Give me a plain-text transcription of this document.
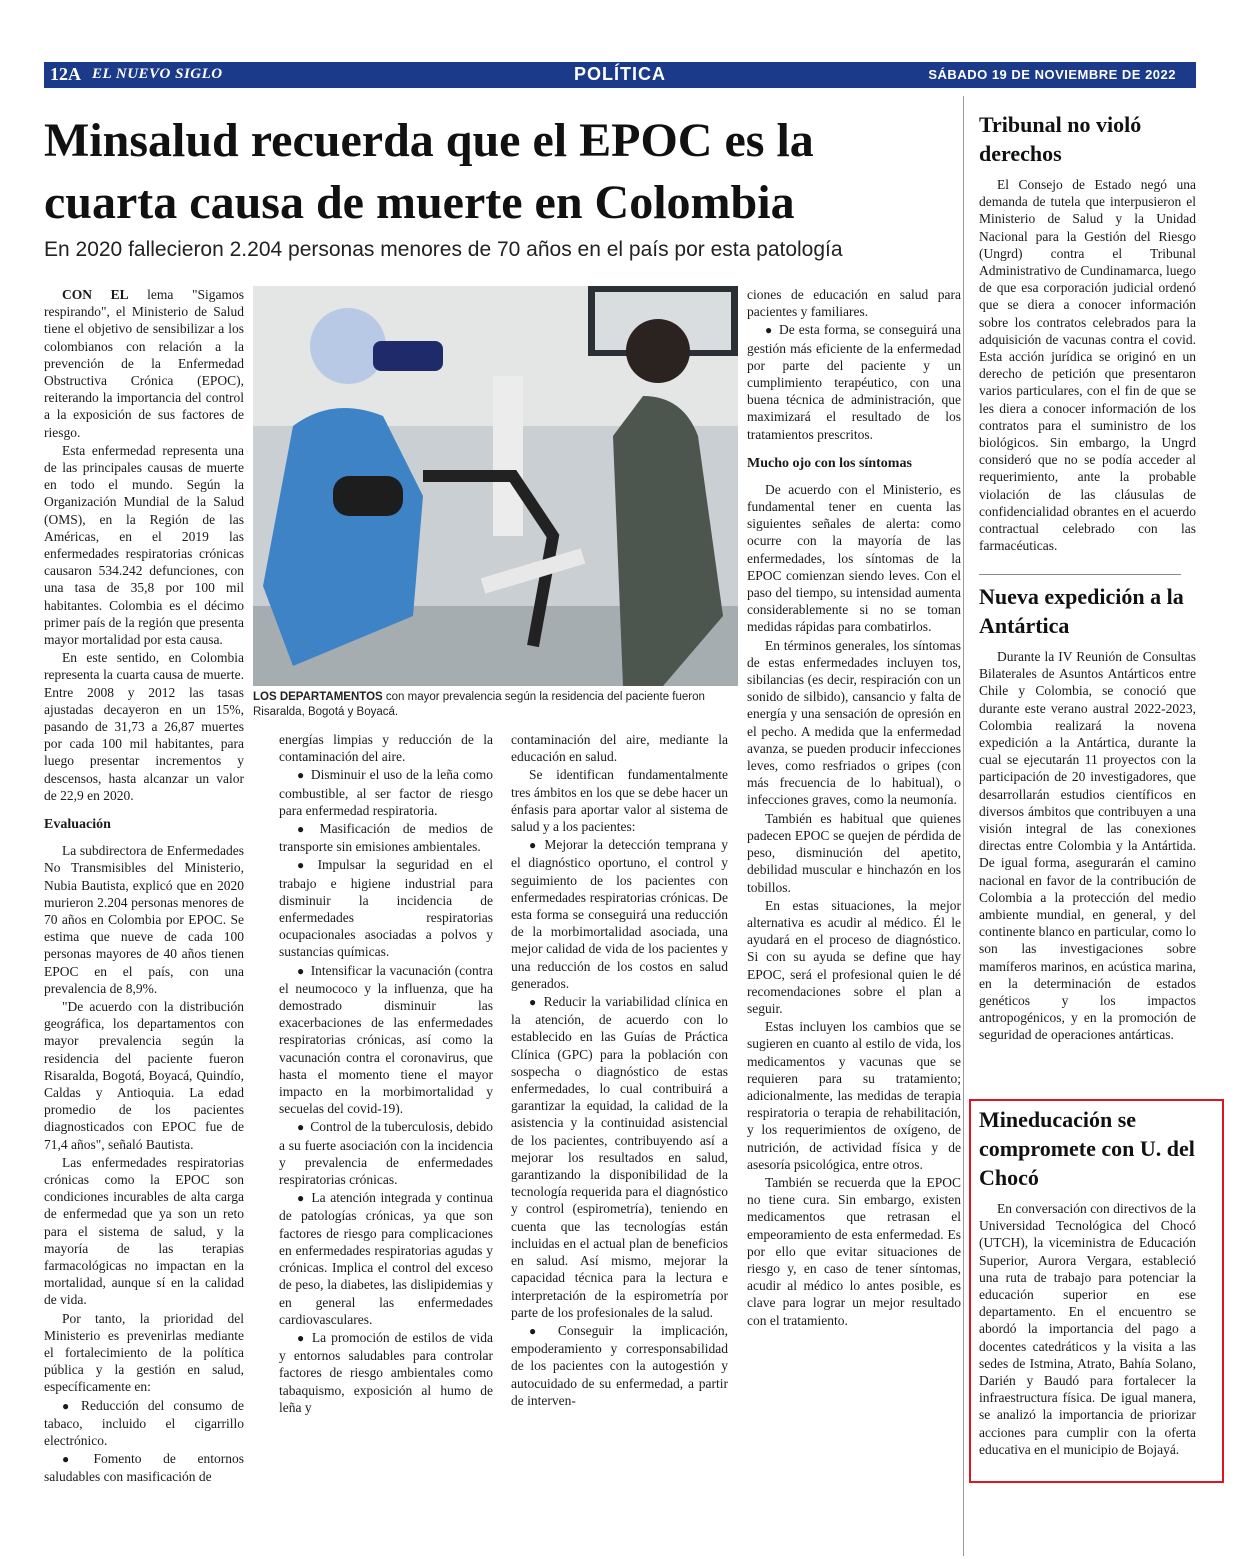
12A EL NUEVO SIGLO	POLÍTICA	SÁBADO 19 DE NOVIEMBRE DE 2022
Minsalud recuerda que el EPOC es la cuarta causa de muerte en Colombia

En 2020 fallecieron 2.204 personas menores de 70 años en el país por esta patología

CON EL lema "Sigamos respirando", el Ministerio de Salud tiene el objetivo de sensibilizar a los colombianos con relación a la prevención de la Enfermedad Obstructiva Crónica (EPOC), reiterando la importancia del control a la exposición de sus factores de riesgo.

Esta enfermedad representa una de las principales causas de muerte en todo el mundo. Según la Organización Mundial de la Salud (OMS), en la Región de las Américas, en el 2019 las enfermedades respiratorias crónicas causaron 534.242 defunciones, con una tasa de 35,8 por 100 mil habitantes. Colombia es el décimo primer país de la región que presenta mayor mortalidad por esta causa.

En este sentido, en Colombia representa la cuarta causa de muerte. Entre 2008 y 2012 las tasas ajustadas decayeron en un 15%, pasando de 31,73 a 26,87 muertes por cada 100 mil habitantes, para luego presentar incrementos y descensos, hasta alcanzar un valor de 22,9 en 2020.

Evaluación

La subdirectora de Enfermedades No Transmisibles del Ministerio, Nubia Bautista, explicó que en 2020 murieron 2.204 personas menores de 70 años en Colombia por EPOC. Se estima que nueve de cada 100 personas mayores de 40 años tienen EPOC en el país, con una prevalencia de 8,9%.

"De acuerdo con la distribución geográfica, los departamentos con mayor prevalencia según la residencia del paciente fueron Risaralda, Bogotá, Boyacá, Quindío, Caldas y Antioquia. La edad promedio de los pacientes diagnosticados con EPOC fue de 71,4 años", señaló Bautista.

Las enfermedades respiratorias crónicas como la EPOC son condiciones incurables de alta carga de enfermedad que ya son un reto para el sistema de salud, y la mayoría de las terapias farmacológicas no impactan en la mortalidad, aunque sí en la calidad de vida.

Por tanto, la prioridad del Ministerio es prevenirlas mediante el fortalecimiento de la política pública y la gestión en salud, específicamente en:

● Reducción del consumo de tabaco, incluido el cigarrillo electrónico.

● Fomento de entornos saludables con masificación de

LOS DEPARTAMENTOS con mayor prevalencia según la residencia del paciente fueron Risaralda, Bogotá y Boyacá.

energías limpias y reducción de la contaminación del aire.

● Disminuir el uso de la leña como combustible, al ser factor de riesgo para enfermedad respiratoria.

● Masificación de medios de transporte sin emisiones ambientales.

● Impulsar la seguridad en el trabajo e higiene industrial para disminuir la incidencia de enfermedades respiratorias ocupacionales asociadas a polvos y sustancias químicas.

● Intensificar la vacunación (contra el neumococo y la influenza, que ha demostrado disminuir las exacerbaciones de las enfermedades respiratorias crónicas, así como la vacunación contra el coronavirus, que hasta el momento tiene el mayor impacto en la morbimortalidad y secuelas del covid-19).

● Control de la tuberculosis, debido a su fuerte asociación con la incidencia y prevalencia de enfermedades respiratorias crónicas.

● La atención integrada y continua de patologías crónicas, ya que son factores de riesgo para complicaciones en enfermedades respiratorias agudas y crónicas. Implica el control del exceso de peso, la diabetes, las dislipidemias y en general las enfermedades cardiovasculares.

● La promoción de estilos de vida y entornos saludables para controlar factores de riesgo ambientales como tabaquismo, exposición al humo de leña y

contaminación del aire, mediante la educación en salud.

Se identifican fundamentalmente tres ámbitos en los que se debe hacer un énfasis para aportar valor al sistema de salud y a los pacientes:

● Mejorar la detección temprana y el diagnóstico oportuno, el control y seguimiento de los pacientes con enfermedades respiratorias crónicas. De esta forma se conseguirá una reducción de la morbimortalidad asociada, una mejor calidad de vida de los pacientes y una reducción de los costos en salud generados.

● Reducir la variabilidad clínica en la atención, de acuerdo con lo establecido en las Guías de Práctica Clínica (GPC) para la población con sospecha o diagnóstico de estas enfermedades, lo cual contribuirá a garantizar la equidad, la calidad de la asistencia y la continuidad asistencial de los pacientes, contribuyendo así a mejorar los resultados en salud, garantizando la disponibilidad de la tecnología requerida para el diagnóstico y control (espirometría), teniendo en cuenta que las tecnologías están incluidas en el actual plan de beneficios en salud. Así mismo, mejorar la capacidad técnica para la lectura e interpretación de la espirometría por parte de los profesionales de la salud.

● Conseguir la implicación, empoderamiento y corresponsabilidad de los pacientes con la autogestión y autocuidado de su enfermedad, a partir de interven-

ciones de educación en salud para pacientes y familiares.

● De esta forma, se conseguirá una gestión más eficiente de la enfermedad por parte del paciente y un cumplimiento terapéutico, con una buena técnica de administración, que maximizará el resultado de los tratamientos prescritos.

Mucho ojo con los síntomas

De acuerdo con el Ministerio, es fundamental tener en cuenta las siguientes señales de alerta: como ocurre con la mayoría de las enfermedades, los síntomas de la EPOC comienzan siendo leves. Con el paso del tiempo, su intensidad aumenta considerablemente si no se toman medidas rápidas para combatirlos.

En términos generales, los síntomas de estas enfermedades incluyen tos, sibilancias (es decir, respiración con un sonido de silbido), cansancio y falta de energía y una sensación de opresión en el pecho. A medida que la enfermedad avanza, se pueden producir infecciones leves, como resfriados o gripes (con más frecuencia de lo habitual), o infecciones graves, como la neumonía.

También es habitual que quienes padecen EPOC se quejen de pérdida de peso, disminución del apetito, debilidad muscular e hinchazón en los tobillos.

En estas situaciones, la mejor alternativa es acudir al médico. Él le ayudará en el proceso de diagnóstico. Si con su ayuda se define que hay EPOC, será el profesional quien le dé recomendaciones sobre el plan a seguir.

Estas incluyen los cambios que se sugieren en cuanto al estilo de vida, los medicamentos y vacunas que se requieren para su tratamiento; adicionalmente, las medidas de terapia respiratoria o terapia de rehabilitación, y los requerimientos de oxígeno, de nutrición, de actividad física y de asesoría psicológica, entre otros.

También se recuerda que la EPOC no tiene cura. Sin embargo, existen medicamentos que retrasan el empeoramiento de esta enfermedad. Es por ello que evitar situaciones de riesgo y, en caso de tener síntomas, acudir al médico lo antes posible, es clave para lograr un mejor resultado con el tratamiento.

Tribunal no violó derechos

El Consejo de Estado negó una demanda de tutela que interpusieron el Ministerio de Salud y la Unidad Nacional para la Gestión del Riesgo (Ungrd) contra el Tribunal Administrativo de Cundinamarca, luego de que esa corporación judicial ordenó que se diera a conocer información sobre los contratos celebrados para la adquisición de vacunas contra el covid. Esta acción jurídica se originó en un derecho de petición que presentaron varios particulares, con el fin de que se les diera a conocer información de los contratos para el suministro de los biológicos. Sin embargo, la Ungrd consideró que no se podía acceder al requerimiento, ante la probable violación de las cláusulas de confidencialidad obrantes en el acuerdo contractual celebrado con las farmacéuticas.

Nueva expedición a la Antártica

Durante la IV Reunión de Consultas Bilaterales de Asuntos Antárticos entre Chile y Colombia, se conoció que durante este verano austral 2022-2023, Colombia realizará la novena expedición a la Antártica, durante la cual se ejecutarán 11 proyectos con la participación de 20 investigadores, que desarrollarán estudios científicos en diversos ámbitos que contribuyen a una visión integral de las conexiones directas entre Colombia y la Antártida. De igual forma, asegurarán el camino nacional en favor de la contribución de Colombia a la protección del medio ambiente mundial, en general, y del continente blanco en particular, como lo son las investigaciones sobre mamíferos marinos, en acústica marina, en la determinación de estados genéticos y los impactos antropogénicos, y en la promoción de seguridad de operaciones antárticas.

Mineducación se compromete con U. del Chocó

En conversación con directivos de la Universidad Tecnológica del Chocó (UTCH), la viceministra de Educación Superior, Aurora Vergara, estableció una ruta de trabajo para potenciar la educación superior en ese departamento. En el encuentro se abordó la importancia del pago a docentes catedráticos y la visita a las sedes de Istmina, Atrato, Bahía Solano, Darién y Baudó para fortalecer la infraestructura física. De igual manera, se analizó la importancia de priorizar acciones para cumplir con la oferta educativa en el municipio de Bojayá.
